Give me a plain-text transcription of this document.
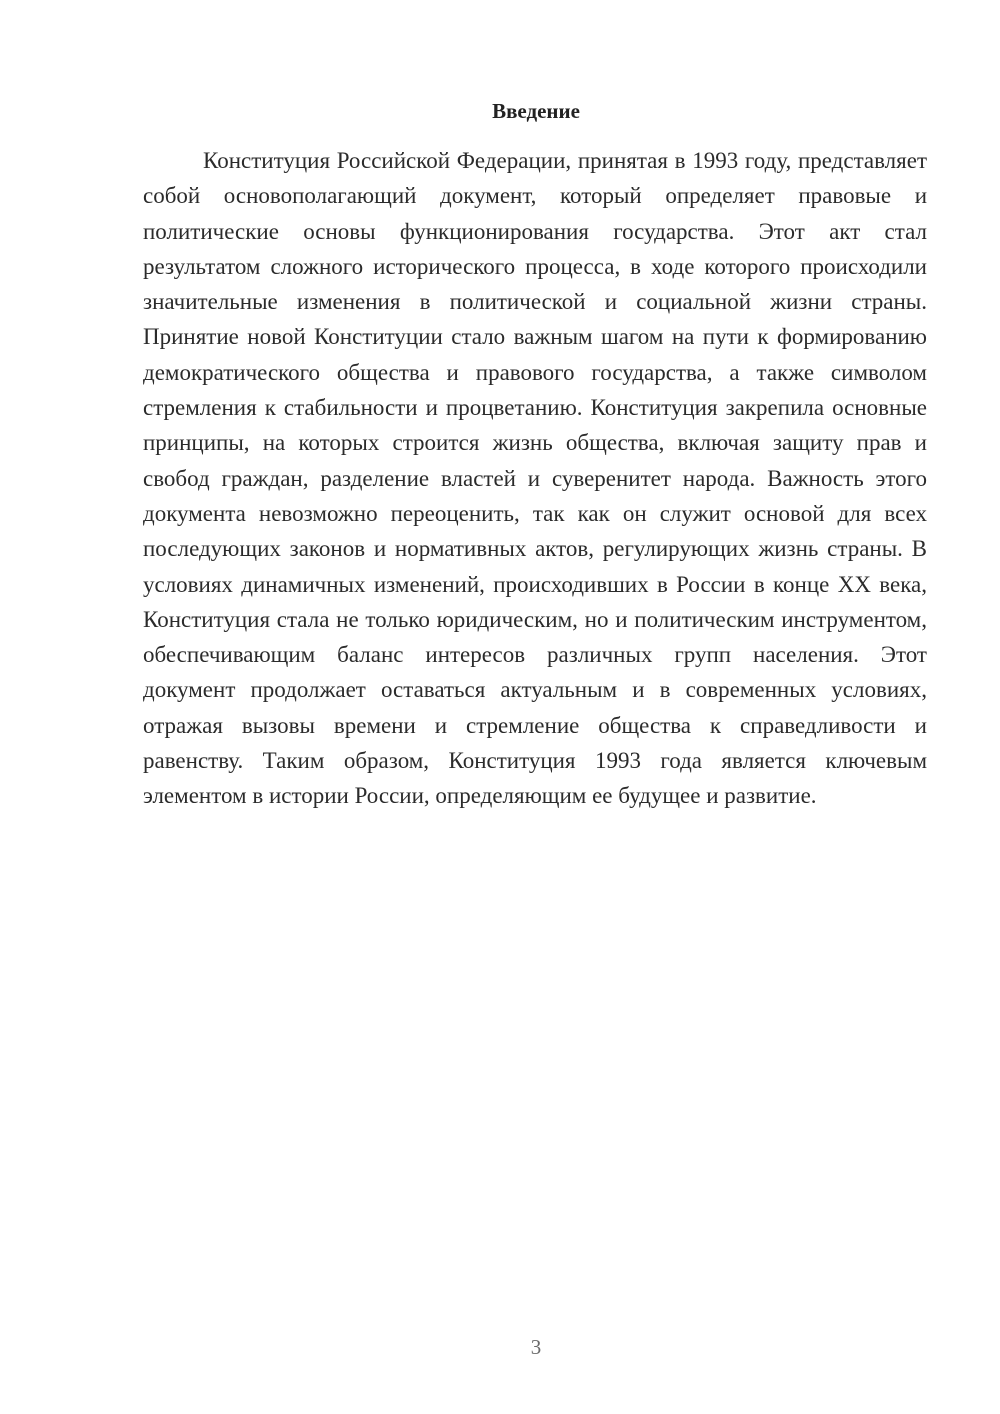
Введение

Конституция Российской Федерации, принятая в 1993 году, представляет собой основополагающий документ, который определяет правовые и политические основы функционирования государства. Этот акт стал результатом сложного исторического процесса, в ходе которого происходили значительные изменения в политической и социальной жизни страны. Принятие новой Конституции стало важным шагом на пути к формированию демократического общества и правового государства, а также символом стремления к стабильности и процветанию. Конституция закрепила основные принципы, на которых строится жизнь общества, включая защиту прав и свобод граждан, разделение властей и суверенитет народа. Важность этого документа невозможно переоценить, так как он служит основой для всех последующих законов и нормативных актов, регулирующих жизнь страны. В условиях динамичных изменений, происходивших в России в конце XX века, Конституция стала не только юридическим, но и политическим инструментом, обеспечивающим баланс интересов различных групп населения. Этот документ продолжает оставаться актуальным и в современных условиях, отражая вызовы времени и стремление общества к справедливости и равенству. Таким образом, Конституция 1993 года является ключевым элементом в истории России, определяющим ее будущее и развитие.

3
